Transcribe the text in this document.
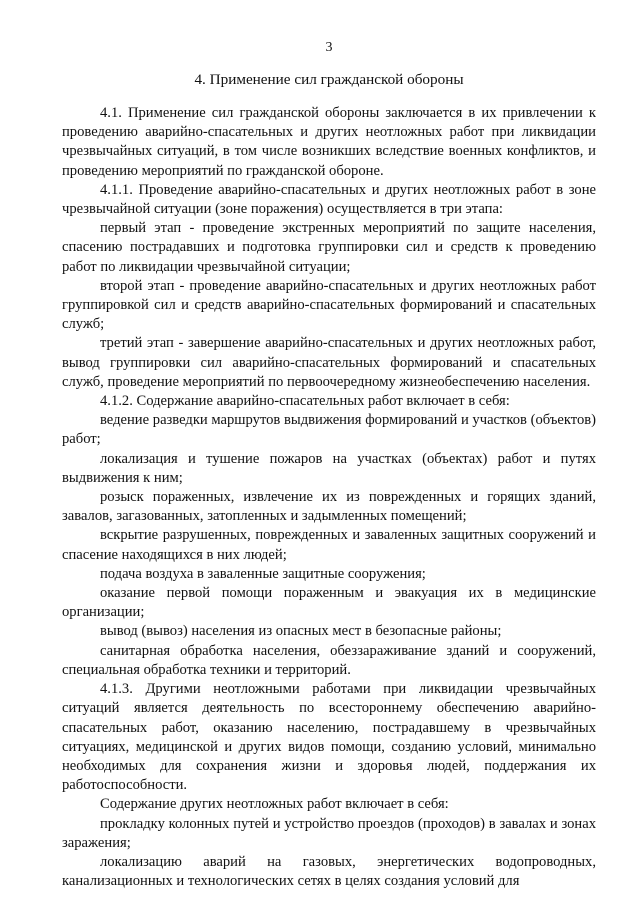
3
4. Применение сил гражданской обороны

4.1. Применение сил гражданской обороны заключается в их привлечении к проведению аварийно-спасательных и других неотложных работ при ликвидации чрезвычайных ситуаций, в том числе возникших вследствие военных конфликтов, и проведению мероприятий по гражданской обороне.

4.1.1. Проведение аварийно-спасательных и других неотложных работ в зоне чрезвычайной ситуации (зоне поражения) осуществляется в три этапа:

первый этап - проведение экстренных мероприятий по защите населения, спасению пострадавших и подготовка группировки сил и средств к проведению работ по ликвидации чрезвычайной ситуации;

второй этап - проведение аварийно-спасательных и других неотложных работ группировкой сил и средств аварийно-спасательных формирований и спасательных служб;

третий этап - завершение аварийно-спасательных и других неотложных работ, вывод группировки сил аварийно-спасательных формирований и спасательных служб, проведение мероприятий по первоочередному жизнеобеспечению населения.

4.1.2. Содержание аварийно-спасательных работ включает в себя:

ведение разведки маршрутов выдвижения формирований и участков (объектов) работ;

локализация и тушение пожаров на участках (объектах) работ и путях выдвижения к ним;

розыск пораженных, извлечение их из поврежденных и горящих зданий, завалов, загазованных, затопленных и задымленных помещений;

вскрытие разрушенных, поврежденных и заваленных защитных сооружений и спасение находящихся в них людей;

подача воздуха в заваленные защитные сооружения;

оказание первой помощи пораженным и эвакуация их в медицинские организации;

вывод (вывоз) населения из опасных мест в безопасные районы;

санитарная обработка населения, обеззараживание зданий и сооружений, специальная обработка техники и территорий.

4.1.3. Другими неотложными работами при ликвидации чрезвычайных ситуаций является деятельность по всестороннему обеспечению аварийно-спасательных работ, оказанию населению, пострадавшему в чрезвычайных ситуациях, медицинской и других видов помощи, созданию условий, минимально необходимых для сохранения жизни и здоровья людей, поддержания их работоспособности.

Содержание других неотложных работ включает в себя:

прокладку колонных путей и устройство проездов (проходов) в завалах и зонах заражения;

локализацию аварий на газовых, энергетических водопроводных, канализационных и технологических сетях в целях создания условий для
